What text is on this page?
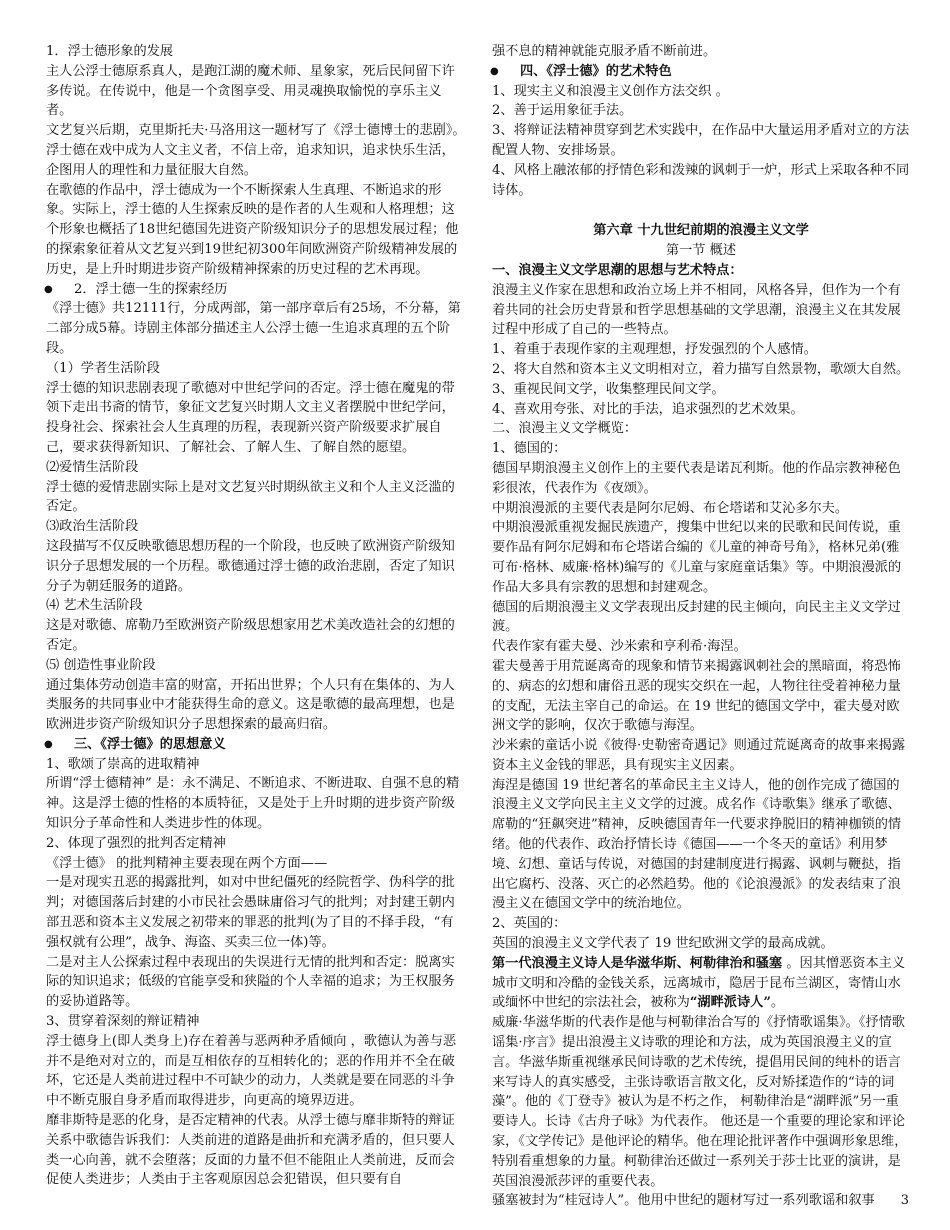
1．浮士德形象的发展

主人公浮士德原系真人，是跑江湖的魔术师、星象家，死后民间留下许多传说。在传说中，他是一个贪图享受、用灵魂换取愉悦的享乐主义者。

文艺复兴后期，克里斯托夫·马洛用这一题材写了《浮士德博士的悲剧》。浮士德在戏中成为人文主义者，不信上帝，追求知识，追求快乐生活，企图用人的理性和力量征服大自然。

在歌德的作品中，浮士德成为一个不断探索人生真理、不断追求的形象。实际上，浮士德的人生探索反映的是作者的人生观和人格理想；这个形象也概括了18世纪德国先进资产阶级知识分子的思想发展过程；他的探索象征着从文艺复兴到19世纪初300年间欧洲资产阶级精神发展的历史，是上升时期进步资产阶级精神探索的历史过程的艺术再现。

● 2．浮士德一生的探索经历

《浮士德》共12111行，分成两部，第一部序章后有25场，不分幕，第二部分成5幕。诗剧主体部分描述主人公浮士德一生追求真理的五个阶段。

（1）学者生活阶段

浮士德的知识悲剧表现了歌德对中世纪学问的否定。浮士德在魔鬼的带领下走出书斋的情节，象征文艺复兴时期人文主义者摆脱中世纪学问，投身社会、探索社会人生真理的历程，表现新兴资产阶级要求扩展自己，要求获得新知识、了解社会、了解人生、了解自然的愿望。

⑵爱情生活阶段

浮士德的爱情悲剧实际上是对文艺复兴时期纵欲主义和个人主义泛滥的否定。

⑶政治生活阶段

这段描写不仅反映歌德思想历程的一个阶段，也反映了欧洲资产阶级知识分子思想发展的一个历程。歌德通过浮士德的政治悲剧，否定了知识分子为朝廷服务的道路。

⑷ 艺术生活阶段

这是对歌德、席勒乃至欧洲资产阶级思想家用艺术美改造社会的幻想的否定。

⑸ 创造性事业阶段

通过集体劳动创造丰富的财富，开拓出世界；个人只有在集体的、为人类服务的共同事业中才能获得生命的意义。这是歌德的最高理想，也是欧洲进步资产阶级知识分子思想探索的最高归宿。

● 三、《浮士德》的思想意义

1、歌颂了崇高的进取精神

所谓“浮士德精神” 是：永不满足、不断追求、不断进取、自强不息的精神。这是浮士德的性格的本质特征，又是处于上升时期的进步资产阶级知识分子革命性和人类进步性的体现。

2、体现了强烈的批判否定精神

《浮士德》 的批判精神主要表现在两个方面——

一是对现实丑恶的揭露批判，如对中世纪僵死的经院哲学、伪科学的批判；对德国落后封建的小市民社会愚昧庸俗习气的批判；对封建王朝内部丑恶和资本主义发展之初带来的罪恶的批判(为了目的不择手段，“有强权就有公理”，战争、海盗、买卖三位一体)等。

二是对主人公探索过程中表现出的失误进行无情的批判和否定：脱离实际的知识追求；低级的官能享受和狭隘的个人幸福的追求；为王权服务的妥协道路等。

3、贯穿着深刻的辩证精神

浮士德身上(即人类身上)存在着善与恶两种矛盾倾向 ，歌德认为善与恶并不是绝对对立的，而是互相依存的互相转化的；恶的作用并不全在破坏，它还是人类前进过程中不可缺少的动力，人类就是要在同恶的斗争中不断克服自身矛盾而取得进步，向更高的境界迈进。

靡非斯特是恶的化身，是否定精神的代表。从浮士德与靡非斯特的辩证关系中歌德告诉我们：人类前进的道路是曲折和充满矛盾的，但只要人类一心向善，就不会堕落；反面的力量不但不能阻止人类前进，反而会促使人类进步；人类由于主客观原因总会犯错误，但只要有自

强不息的精神就能克服矛盾不断前进。

● 四、《浮士德》的艺术特色

1、现实主义和浪漫主义创作方法交织 。

2、善于运用象征手法。

3、将辩证法精神贯穿到艺术实践中，在作品中大量运用矛盾对立的方法配置人物、安排场景。

4、风格上融浓郁的抒情色彩和泼辣的讽刺于一炉，形式上采取各种不同诗体。

第六章 十九世纪前期的浪漫主义文学

第一节 概述

一、浪漫主义文学思潮的思想与艺术特点：

浪漫主义作家在思想和政治立场上并不相同，风格各异，但作为一个有着共同的社会历史背景和哲学思想基础的文学思潮，浪漫主义在其发展过程中形成了自己的一些特点。

1、着重于表现作家的主观理想，抒发强烈的个人感情。

2、将大自然和资本主义文明相对立，着力描写自然景物，歌颂大自然。

3、重视民间文学，收集整理民间文学。

4、喜欢用夸张、对比的手法，追求强烈的艺术效果。

二、浪漫主义文学概览：

1、德国的：

德国早期浪漫主义创作上的主要代表是诺瓦利斯。他的作品宗教神秘色彩很浓，代表作为《夜颂》。

中期浪漫派的主要代表是阿尔尼姆、布仑塔诺和艾沁多尔夫。

中期浪漫派重视发掘民族遗产，搜集中世纪以来的民歌和民间传说，重要作品有阿尔尼姆和布仑塔诺合编的《儿童的神奇号角》，格林兄弟(雅可布·格林、威廉·格林)编写的《儿童与家庭童话集》等。中期浪漫派的作品大多具有宗教的思想和封建观念。

德国的后期浪漫主义文学表现出反封建的民主倾向，向民主主义文学过渡。

代表作家有霍夫曼、沙米索和亨利希·海涅。

霍夫曼善于用荒诞离奇的现象和情节来揭露讽刺社会的黑暗面，将恐怖的、病态的幻想和庸俗丑恶的现实交织在一起，人物往往受着神秘力量的支配，无法主宰自己的命运。在 19 世纪的德国文学中，霍夫曼对欧洲文学的影响，仅次于歌德与海涅。

沙米索的童话小说《彼得·史勒密奇遇记》则通过荒诞离奇的故事来揭露资本主义金钱的罪恶，具有现实主义因素。

海涅是德国 19 世纪著名的革命民主主义诗人，他的创作完成了德国的浪漫主义文学向民主主义文学的过渡。成名作《诗歌集》继承了歌德、席勒的“狂飙突进”精神，反映德国青年一代要求挣脱旧的精神枷锁的情绪。他的代表作、政治抒情长诗《德国——一个冬天的童话》利用梦境、幻想、童话与传说，对德国的封建制度进行揭露、讽刺与鞭挞，指出它腐朽、没落、灭亡的必然趋势。他的《论浪漫派》的发表结束了浪漫主义在德国文学中的统治地位。

2、英国的：

英国的浪漫主义文学代表了 19 世纪欧洲文学的最高成就。

第一代浪漫主义诗人是华滋华斯、柯勒律治和骚塞 。因其憎恶资本主义城市文明和冷酷的金钱关系，远离城市，隐居于昆布兰湖区，寄情山水或缅怀中世纪的宗法社会，被称为“湖畔派诗人”。

威廉·华滋华斯的代表作是他与柯勒律治合写的《抒情歌谣集》。《抒情歌谣集·序言》提出浪漫主义诗歌的理论和方法，成为英国浪漫主义的宣言。华滋华斯重视继承民间诗歌的艺术传统，提倡用民间的纯朴的语言来写诗人的真实感受，主张诗歌语言散文化，反对矫揉造作的“诗的词藻”。他的《丁登寺》被认为是不朽之作， 柯勒律治是“湖畔派”另一重要诗人。长诗《古舟子咏》为代表作。 他还是一个重要的理论家和评论家，《文学传记》是他评论的精华。他在理论批评著作中强调形象思维，特别看重想象的力量。柯勒律治还做过一系列关于莎士比亚的演讲，是英国浪漫派莎评的重要代表。

骚塞被封为“桂冠诗人”。他用中世纪的题材写过一系列歌谣和叙事	3
